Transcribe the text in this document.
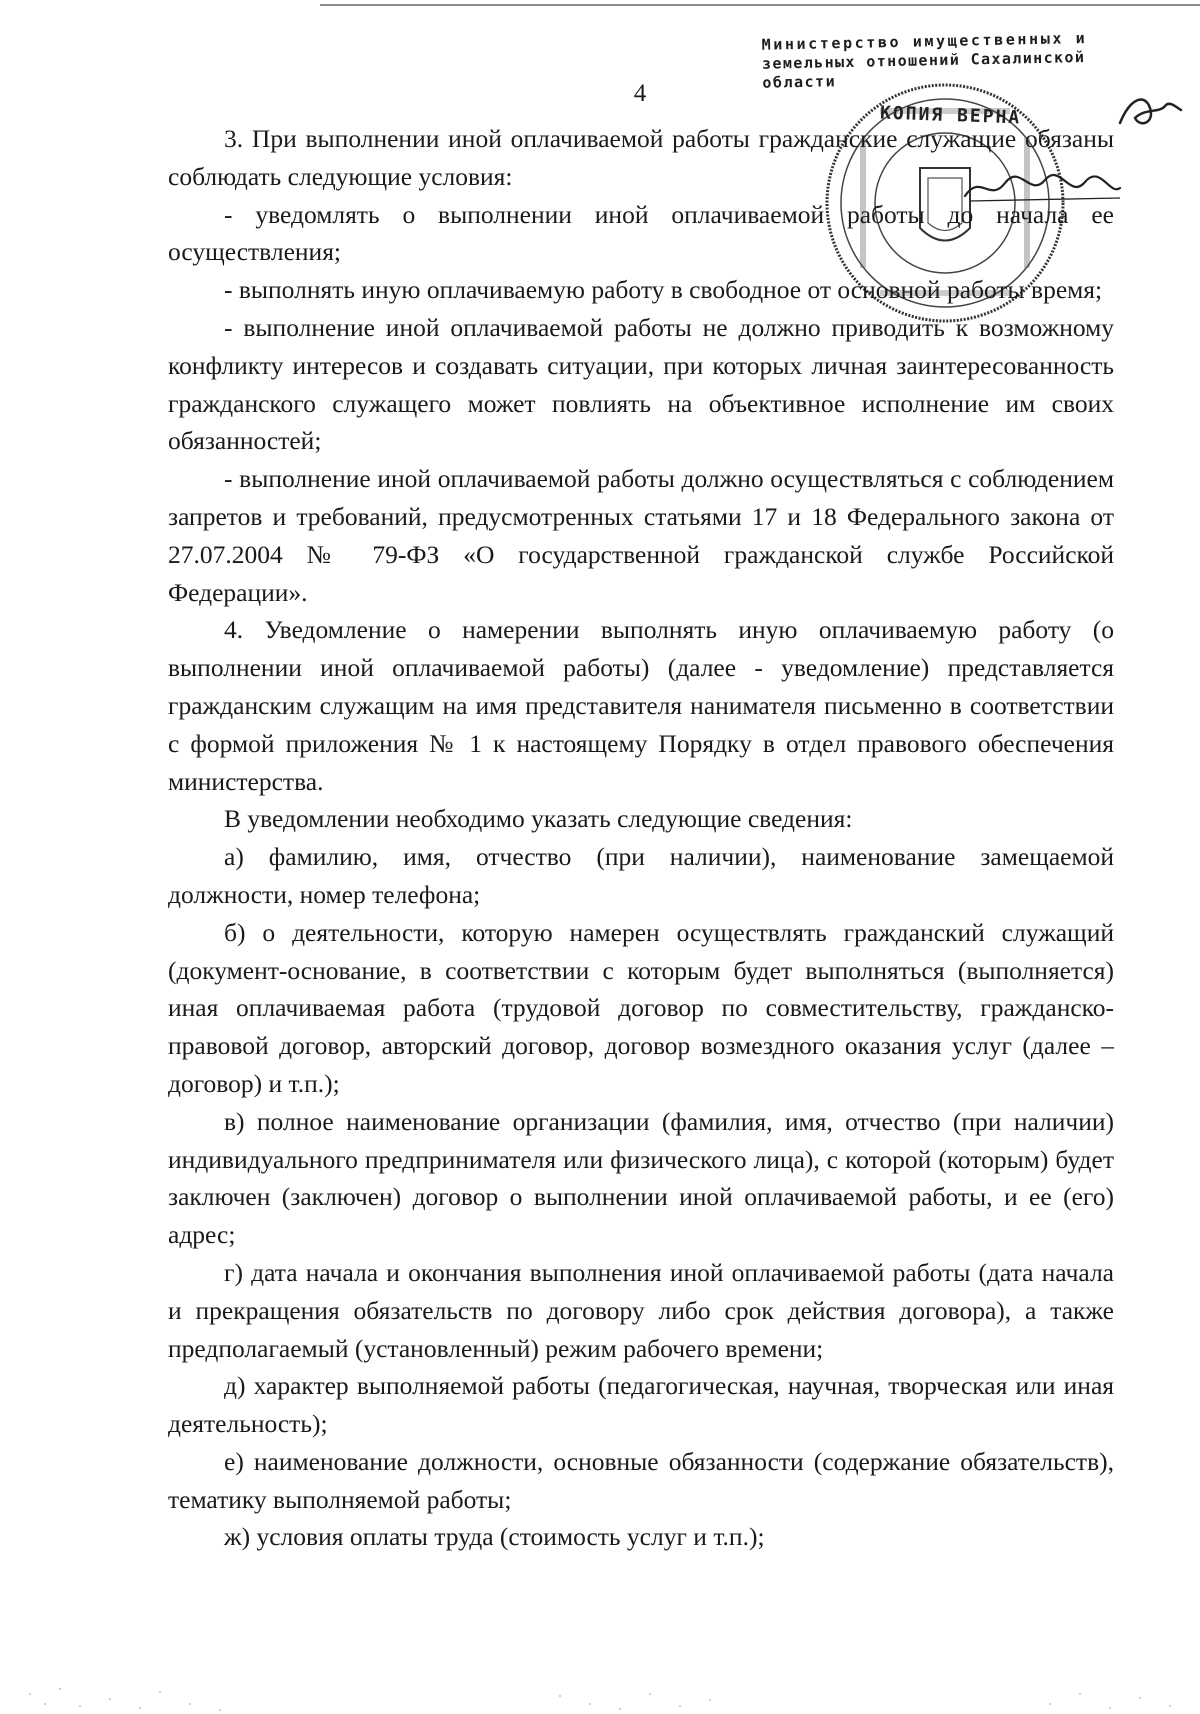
4
Министерство имущественных и
земельных отношений Сахалинской
области
КОПИЯ ВЕРНА

3. При выполнении иной оплачиваемой работы гражданские служащие обязаны соблюдать следующие условия:

- уведомлять о выполнении иной оплачиваемой работы до начала ее осуществления;

- выполнять иную оплачиваемую работу в свободное от основной работы время;

- выполнение иной оплачиваемой работы не должно приводить к возможному конфликту интересов и создавать ситуации, при которых личная заинтересованность гражданского служащего может повлиять на объективное исполнение им своих обязанностей;

- выполнение иной оплачиваемой работы должно осуществляться с соблюдением запретов и требований, предусмотренных статьями 17 и 18 Федерального закона от 27.07.2004 № 79-ФЗ «О государственной гражданской службе Российской Федерации».

4. Уведомление о намерении выполнять иную оплачиваемую работу (о выполнении иной оплачиваемой работы) (далее - уведомление) представляется гражданским служащим на имя представителя нанимателя письменно в соответствии с формой приложения № 1 к настоящему Порядку в отдел правового обеспечения министерства.

В уведомлении необходимо указать следующие сведения:

а) фамилию, имя, отчество (при наличии), наименование замещаемой должности, номер телефона;

б) о деятельности, которую намерен осуществлять гражданский служащий (документ-основание, в соответствии с которым будет выполняться (выполняется) иная оплачиваемая работа (трудовой договор по совместительству, гражданско-правовой договор, авторский договор, договор возмездного оказания услуг (далее – договор) и т.п.);

в) полное наименование организации (фамилия, имя, отчество (при наличии) индивидуального предпринимателя или физического лица), с которой (которым) будет заключен (заключен) договор о выполнении иной оплачиваемой работы, и ее (его) адрес;

г) дата начала и окончания выполнения иной оплачиваемой работы (дата начала и прекращения обязательств по договору либо срок действия договора), а также предполагаемый (установленный) режим рабочего времени;

д) характер выполняемой работы (педагогическая, научная, творческая или иная деятельность);

е) наименование должности, основные обязанности (содержание обязательств), тематику выполняемой работы;

ж) условия оплаты труда (стоимость услуг и т.п.);
